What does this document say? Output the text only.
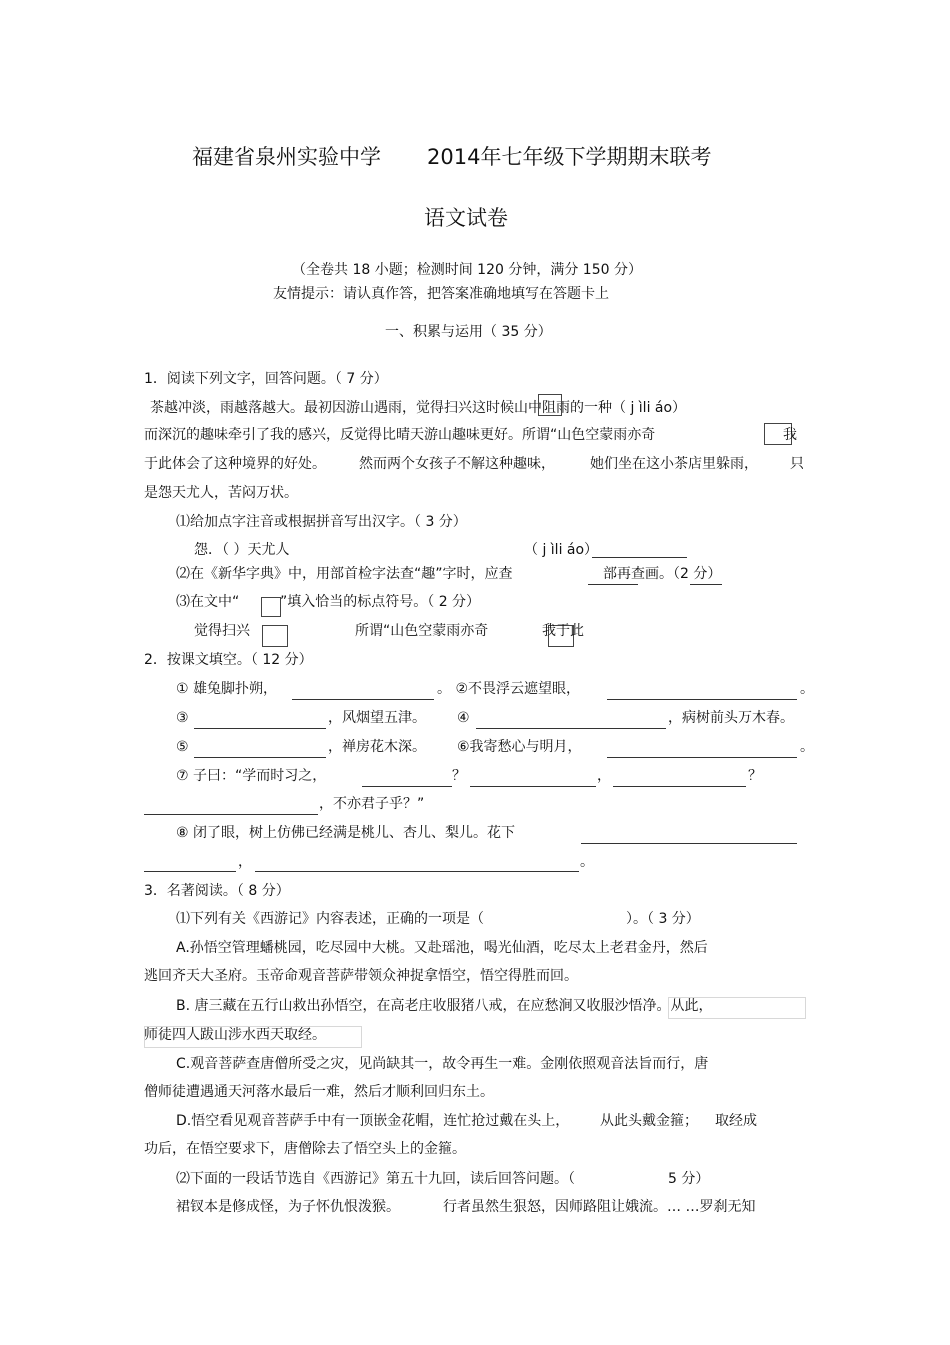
福建省泉州实验中学 2014年七年级下学期期末联考
语文试卷
（全卷共 18 小题；检测时间 120 分钟，满分 150 分）
友情提示：请认真作答，把答案准确地填写在答题卡上
一、积累与运用（ 35 分）
1．阅读下列文字，回答问题。（ 7 分）
茶越冲淡，雨越落越大。最初因游山遇雨，觉得扫兴这时候山中阻雨的一种（ j ìli áo）
而深沉的趣味牵引了我的感兴，反觉得比晴天游山趣味更好。所谓“山色空蒙雨亦奇	我
于此体会了这种境界的好处。 然而两个女孩子不解这种趣味，	她们坐在这小茶店里躲雨， 只
是怨天尤人，苦闷万状。
⑴给加点字注音或根据拼音写出汉字。（ 3 分）
怨．（ ）天尤人	（ j ìli áo）
⑵在《新华字典》中，用部首检字法查“趣”字时，应查	部再查画。（2 分）
⑶在文中“	”填入恰当的标点符号。（ 2 分）
觉得扫兴	所谓“山色空蒙雨亦奇	我于此
2．按课文填空。（ 12 分）
① 雄兔脚扑朔，	。 ②不畏浮云遮望眼，	。
③	，风烟望五津。 ④	，病树前头万木春。
⑤	，禅房花木深。 ⑥我寄愁心与明月，	。
⑦ 子曰：“学而时习之，	？	，	？
，不亦君子乎？”
⑧ 闭了眼，树上仿佛已经满是桃儿、杏儿、梨儿。花下
，	。
3．名著阅读。（ 8 分）
⑴下列有关《西游记》内容表述，正确的一项是（	）。（ 3 分）
A.孙悟空管理蟠桃园，吃尽园中大桃。又赴瑶池，喝光仙酒，吃尽太上老君金丹，然后
逃回齐天大圣府。玉帝命观音菩萨带领众神捉拿悟空，悟空得胜而回。
B. 唐三藏在五行山救出孙悟空，在高老庄收服猪八戒，在应愁涧又收服沙悟净。从此，
师徒四人跋山涉水西天取经。
C.观音菩萨查唐僧所受之灾，见尚缺其一，故令再生一难。金刚依照观音法旨而行，唐
僧师徒遭遇通天河落水最后一难，然后才顺利回归东土。
D.悟空看见观音菩萨手中有一顶嵌金花帽，连忙抢过戴在头上， 从此头戴金箍； 取经成
功后，在悟空要求下，唐僧除去了悟空头上的金箍。
⑵下面的一段话节选自《西游记》第五十九回，读后回答问题。（	5 分）
裙钗本是修成怪，为子怀仇恨泼猴。	行者虽然生狠怒，因师路阻让娥流。… …罗刹无知
